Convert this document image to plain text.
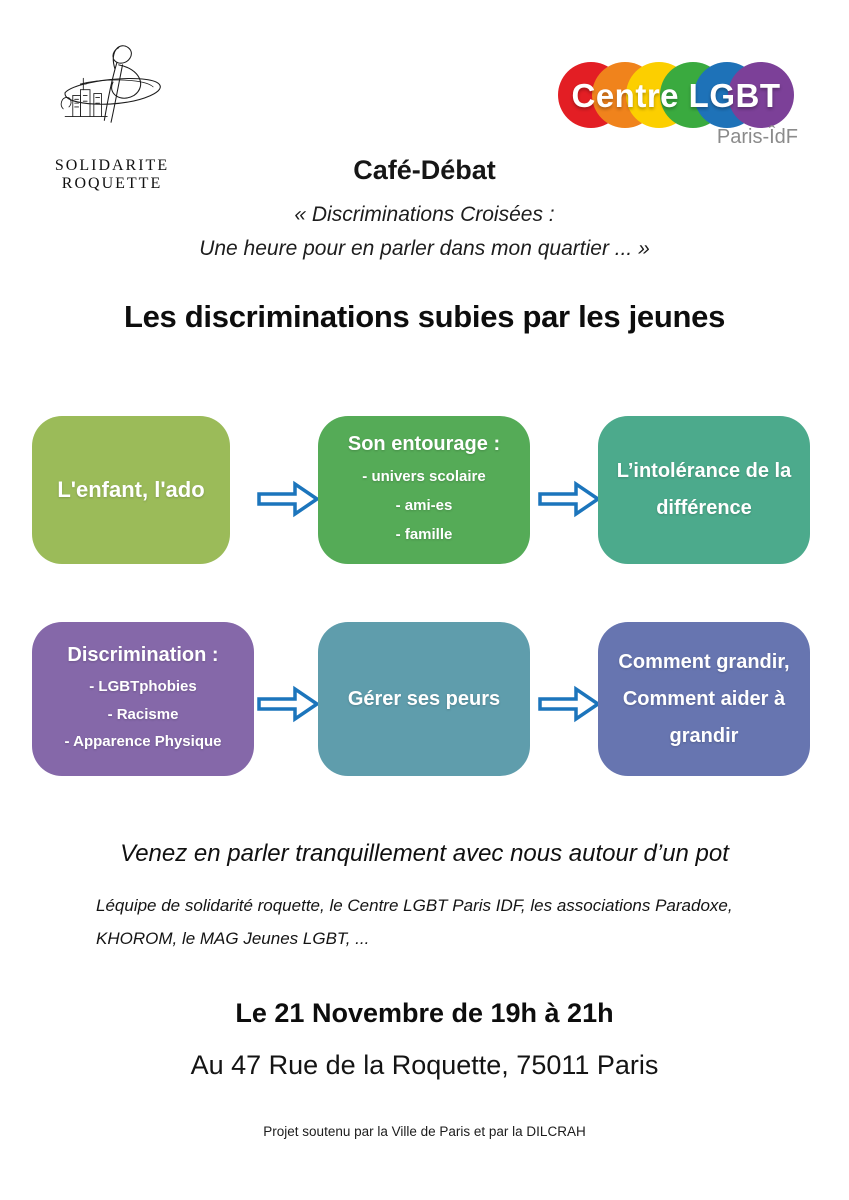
SOLIDARITE
ROQUETTE
Centre LGBT
Paris-ÎdF
Café-Débat
« Discriminations Croisées :
Une heure pour en parler dans mon quartier ... »
Les discriminations subies par les jeunes
L'enfant, l'ado
Son entourage :
- univers scolaire
- ami-es
- famille
L’intolérance de la différence
Discrimination :
- LGBTphobies
- Racisme
- Apparence Physique
Gérer ses peurs
Comment grandir, Comment aider à grandir
Venez en parler tranquillement avec nous autour d’un pot
Léquipe de solidarité roquette, le Centre LGBT Paris IDF, les associations Paradoxe,
KHOROM, le MAG Jeunes LGBT, ...
Le 21 Novembre de 19h à 21h
Au 47 Rue de la Roquette, 75011 Paris
Projet soutenu par la Ville de Paris et par la DILCRAH
